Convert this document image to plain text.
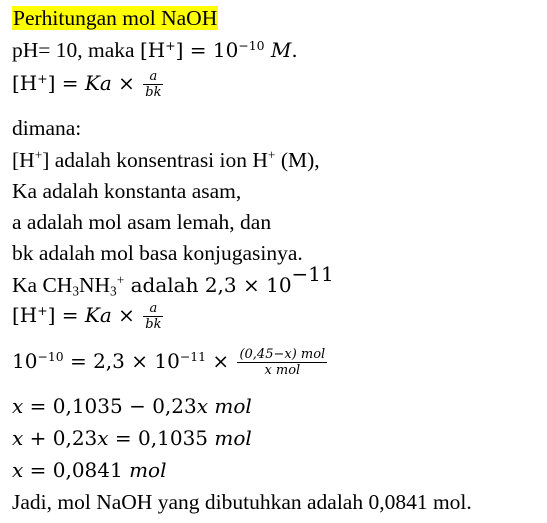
Perhitungan mol NaOH
pH= 10, maka $[H^+] = 10^{-10}$ M.
$[H^+] = Ka \times \frac{a}{bk}$
dimana:
[H+] adalah konsentrasi ion H+ (M),
Ka adalah konstanta asam,
a adalah mol asam lemah, dan
bk adalah mol basa konjugasinya.
Ka $CH_3NH_3^+$ adalah $2,3 \times 10^{-11}$
$[H^+] = Ka \times \frac{a}{bk}$
$10^{-10} = 2,3 \times 10^{-11} \times \frac{\text{(0,45−x) mol}}{\text{x mol}}$
x = 0,1035 − 0,23x mol
x + 0,23x = 0,1035 mol
x = 0,0841 mol
Jadi, mol NaOH yang dibutuhkan adalah 0,0841 mol.
